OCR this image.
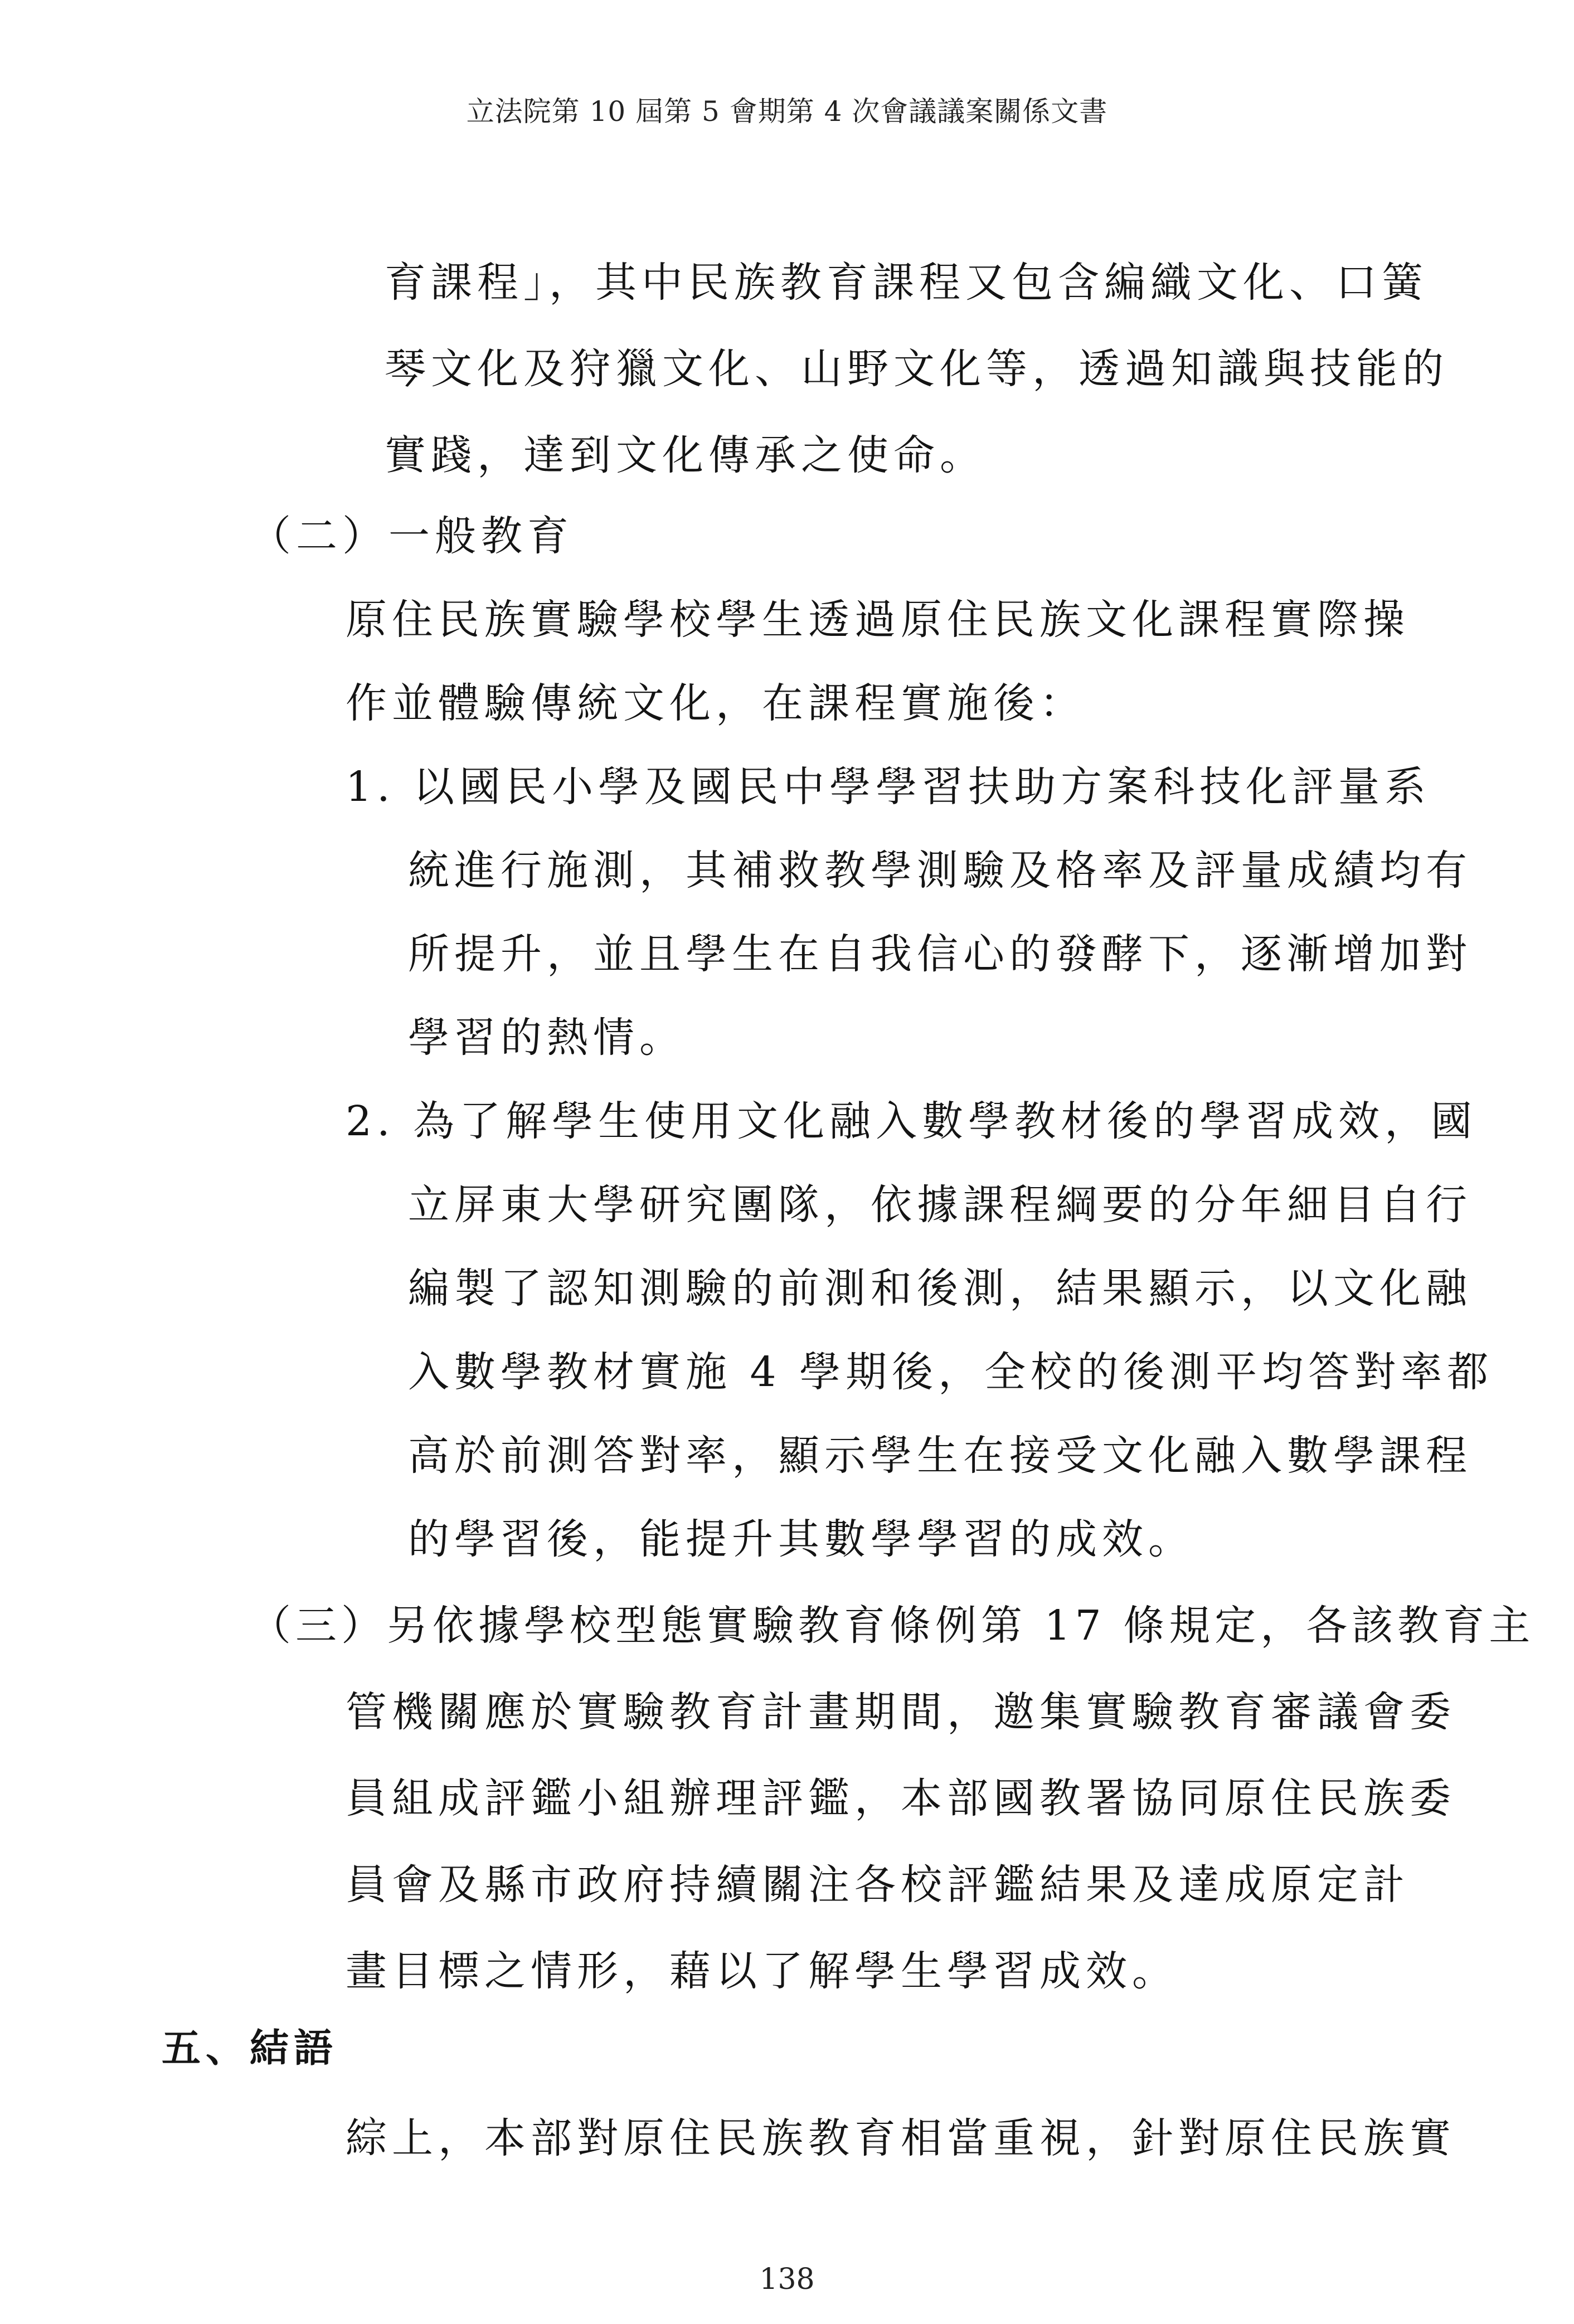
立法院第 10 屆第 5 會期第 4 次會議議案關係文書
育課程」，其中民族教育課程又包含編織文化、口簧
琴文化及狩獵文化、山野文化等，透過知識與技能的
實踐，達到文化傳承之使命。
（二）一般教育
原住民族實驗學校學生透過原住民族文化課程實際操
作並體驗傳統文化，在課程實施後：
1. 以國民小學及國民中學學習扶助方案科技化評量系
統進行施測，其補救教學測驗及格率及評量成績均有
所提升，並且學生在自我信心的發酵下，逐漸增加對
學習的熱情。
2. 為了解學生使用文化融入數學教材後的學習成效，國
立屏東大學研究團隊，依據課程綱要的分年細目自行
編製了認知測驗的前測和後測，結果顯示，以文化融
入數學教材實施 4 學期後，全校的後測平均答對率都
高於前測答對率，顯示學生在接受文化融入數學課程
的學習後，能提升其數學學習的成效。
（三）另依據學校型態實驗教育條例第 17 條規定，各該教育主
管機關應於實驗教育計畫期間，邀集實驗教育審議會委
員組成評鑑小組辦理評鑑，本部國教署協同原住民族委
員會及縣市政府持續關注各校評鑑結果及達成原定計
畫目標之情形，藉以了解學生學習成效。
五、結語
綜上，本部對原住民族教育相當重視，針對原住民族實
138
